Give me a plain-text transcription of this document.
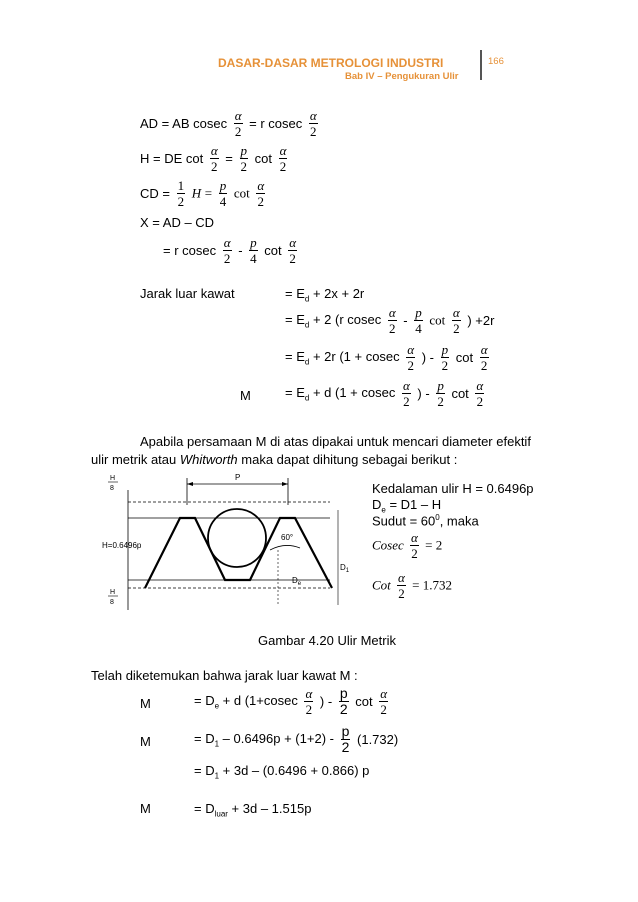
DASAR-DASAR METROLOGI INDUSTRI
Bab IV – Pengukuran Ulir
166
AD = AB cosec $\frac{\alpha}{2} = r$ cosec $\frac{\alpha}{2}$
H = DE $\cot \frac{\alpha}{2} = \frac{p}{2}$ $\cot \frac{\alpha}{2}$
CD = $\frac{1}{2}$ $H = \frac{p}{4}$ $\cot \frac{\alpha}{2}$
X = AD – CD
= r cosec $\frac{\alpha}{2} - \frac{p}{4}$ $\cot \frac{\alpha}{2}$
Jarak luar kawat	= $E_d + 2x + 2r$
= $E_d + 2$ (r cosec $\frac{\alpha}{2} - \frac{p}{4}$ $\cot \frac{\alpha}{2}$ ) +2r
= $E_d + 2r$ (1 + cosec $\frac{\alpha}{2}$ ) - $\frac{p}{2}$ $\cot \frac{\alpha}{2}$
M	= $E_d + d$ (1 + cosec $\frac{\alpha}{2}$ ) - $\frac{p}{2}$ $\cot \frac{\alpha}{2}$
Apabila persamaan M di atas dipakai untuk mencari diameter efektif
ulir metrik atau Whitworth maka dapat dihitung sebagai berikut :
P
60°
H
8
H=0.6496p
H
8
$D_e$
$D_1$
Kedalaman ulir H = 0.6496p
$D_e = D1 - H$
Sudut = $60^0$, maka
Cosec $\frac{\alpha}{2} = 2$
Cot $\frac{\alpha}{2} = 1.732$
Gambar 4.20 Ulir Metrik
Telah diketemukan bahwa jarak luar kawat M :
M	= $D_e + d$ ($1+cosec \frac{\alpha}{2}$ ) - $\frac{p}{2}$ $\cot \frac{\alpha}{2}$
M	= $D_1 - 0.6496p + (1+2) - \frac{p}{2} (1.732)$
= $D_1 + 3d - (0.6496 + 0.866)$ p
M	= $D_{luar} + 3d - 1.515p$
